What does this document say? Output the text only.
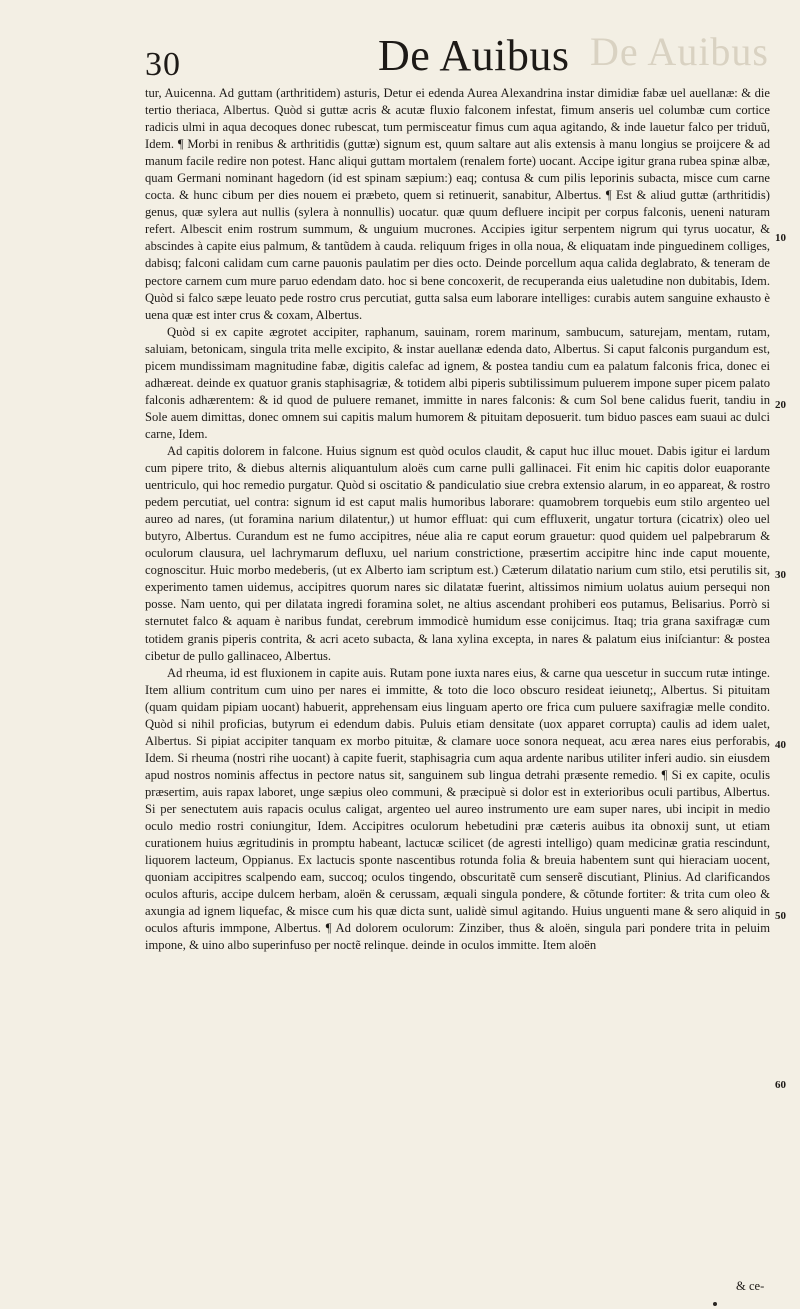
De Auibus
30	De Auibus

tur, Auicenna. Ad guttam (arthritidem) asturis, Detur ei edenda Aurea Alexandrina instar dimidiæ fabæ uel auellanæ: & die tertio theriaca, Albertus. Quòd si guttæ acris & acutæ fluxio falconem infestat, fimum anseris uel columbæ cum cortice radicis ulmi in aqua decoques donec rubescat, tum permisceatur fimus cum aqua agitando, & inde lauetur falco per triduũ, Idem. ¶ Morbi in renibus & arthritidis (guttæ) signum est, quum saltare aut alis extensis à manu longius se proijcere & ad manum facile redire non potest. Hanc aliqui guttam mortalem (renalem forte) uocant. Accipe igitur grana rubea spinæ albæ, quam Germani nominant hagedorn (id est spinam sæpium:) eaq; contusa & cum pilis leporinis subacta, misce cum carne cocta. & hunc cibum per dies nouem ei præbeto, quem si retinuerit, sanabitur, Albertus. ¶ Est & aliud guttæ (arthritidis) genus, quæ sylera aut nullis (sylera à nonnullis) uocatur. quæ quum defluere incipit per corpus falconis, ueneni naturam refert. Albescit enim rostrum summum, & unguium mucrones. Accipies igitur serpentem nigrum qui tyrus uocatur, & abscindes à capite eius palmum, & tantũdem à cauda. reliquum friges in olla noua, & eliquatam inde pinguedinem colliges, dabisq; falconi calidam cum carne pauonis paulatim per dies octo. Deinde porcellum aqua calida deglabrato, & teneram de pectore carnem cum mure paruo edendam dato. hoc si bene concoxerit, de recuperanda eius ualetudine non dubitabis, Idem. Quòd si falco sæpe leuato pede rostro crus percutiat, gutta salsa eum laborare intelliges: curabis autem sanguine exhausto è uena quæ est inter crus & coxam, Albertus.

Quòd si ex capite ægrotet accipiter, raphanum, sauinam, rorem marinum, sambucum, saturejam, mentam, rutam, saluiam, betonicam, singula trita melle excipito, & instar auellanæ edenda dato, Albertus. Si caput falconis purgandum est, picem mundissimam magnitudine fabæ, digitis calefac ad ignem, & postea tandiu cum ea palatum falconis frica, donec ei adhæreat. deinde ex quatuor granis staphisagriæ, & totidem albi piperis subtilissimum puluerem impone super picem palato falconis adhærentem: & id quod de puluere remanet, immitte in nares falconis: & cum Sol bene calidus fuerit, tandiu in Sole auem dimittas, donec omnem sui capitis malum humorem & pituitam deposuerit. tum biduo pasces eam suaui ac dulci carne, Idem.

Ad capitis dolorem in falcone. Huius signum est quòd oculos claudit, & caput huc illuc mouet. Dabis igitur ei lardum cum pipere trito, & diebus alternis aliquantulum aloës cum carne pulli gallinacei. Fit enim hic capitis dolor euaporante uentriculo, qui hoc remedio purgatur. Quòd si oscitatio & pandiculatio siue crebra extensio alarum, in eo appareat, & rostro pedem percutiat, uel contra: signum id est caput malis humoribus laborare: quamobrem torquebis eum stilo argenteo uel aureo ad nares, (ut foramina narium dilatentur,) ut humor effluat: qui cum effluxerit, ungatur tortura (cicatrix) oleo uel butyro, Albertus. Curandum est ne fumo accipitres, néue alia re caput eorum grauetur: quod quidem uel palpebrarum & oculorum clausura, uel lachrymarum defluxu, uel narium constrictione, præsertim accipitre hinc inde caput mouente, cognoscitur. Huic morbo medeberis, (ut ex Alberto iam scriptum est.) Cæterum dilatatio narium cum stilo, etsi perutilis sit, experimento tamen uidemus, accipitres quorum nares sic dilatatæ fuerint, altissimos nimium uolatus auium persequi non posse. Nam uento, qui per dilatata ingredi foramina solet, ne altius ascendant prohiberi eos putamus, Belisarius. Porrò si sternutet falco & aquam è naribus fundat, cerebrum immodicè humidum esse conijcimus. Itaq; tria grana saxifragæ cum totidem granis piperis contrita, & acri aceto subacta, & lana xylina excepta, in nares & palatum eius iniſciantur: & postea cibetur de pullo gallinaceo, Albertus.

Ad rheuma, id est fluxionem in capite auis. Rutam pone iuxta nares eius, & carne qua uescetur in succum rutæ intinge. Item allium contritum cum uino per nares ei immitte, & toto die loco obscuro resideat ieiunetq;, Albertus. Si pituitam (quam quidam pipiam uocant) habuerit, apprehensam eius linguam aperto ore frica cum puluere saxifragiæ melle condito. Quòd si nihil proficias, butyrum ei edendum dabis. Puluis etiam densitate (uox apparet corrupta) caulis ad idem ualet, Albertus. Si pipiat accipiter tanquam ex morbo pituitæ, & clamare uoce sonora nequeat, acu ærea nares eius perforabis, Idem. Si rheuma (nostri rihe uocant) à capite fuerit, staphisagria cum aqua ardente naribus utiliter inferi audio. sin eiusdem apud nostros nominis affectus in pectore natus sit, sanguinem sub lingua detrahi præsente remedio. ¶ Si ex capite, oculis præsertim, auis rapax laboret, unge sæpius oleo communi, & præcipuè si dolor est in exterioribus oculi partibus, Albertus. Si per senectutem auis rapacis oculus caligat, argenteo uel aureo instrumento ure eam super nares, ubi incipit in medio oculo medio rostri coniungitur, Idem. Accipitres oculorum hebetudini præ cæteris auibus ita obnoxij sunt, ut etiam curationem huius ægritudinis in promptu habeant, lactucæ scilicet (de agresti intelligo) quam medicinæ gratia rescindunt, liquorem lacteum, Oppianus. Ex lactucis sponte nascentibus rotunda folia & breuia habentem sunt qui hieraciam uocent, quoniam accipitres scalpendo eam, succoq; oculos tingendo, obscuritatẽ cum senserẽ discutiant, Plinius. Ad clarificandos oculos afturis, accipe dulcem herbam, aloën & cerussam, æquali singula pondere, & cõtunde fortiter: & trita cum oleo & axungia ad ignem liquefac, & misce cum his quæ dicta sunt, ualidè simul agitando. Huius unguenti mane & sero aliquid in oculos afturis immpone, Albertus. ¶ Ad dolorem oculorum: Zinziber, thus & aloën, singula pari pondere trita in peluim impone, & uino albo superinfuso per noctẽ relinque. deinde in oculos immitte. Item aloën

10
20
30
40
50
60
& ce-
